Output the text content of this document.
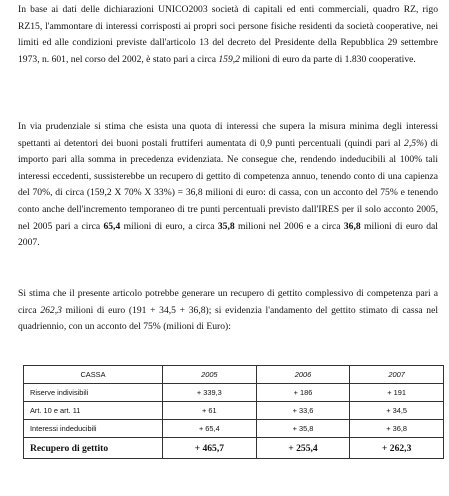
In base ai dati delle dichiarazioni UNICO2003 società di capitali ed enti commerciali, quadro RZ, rigo RZ15, l'ammontare di interessi corrisposti ai propri soci persone fisiche residenti da società cooperative, nei limiti ed alle condizioni previste dall'articolo 13 del decreto del Presidente della Repubblica 29 settembre 1973, n. 601, nel corso del 2002, è stato pari a circa 159,2 milioni di euro da parte di 1.830 cooperative.

In via prudenziale si stima che esista una quota di interessi che supera la misura minima degli interessi spettanti ai detentori dei buoni postali fruttiferi aumentata di 0,9 punti percentuali (quindi pari al 2,5%) di importo pari alla somma in precedenza evidenziata. Ne consegue che, rendendo indeducibili al 100% tali interessi eccedenti, sussisterebbe un recupero di gettito di competenza annuo, tenendo conto di una capienza del 70%, di circa (159,2 X 70% X 33%) = 36,8 milioni di euro: di cassa, con un acconto del 75% e tenendo conto anche dell'incremento temporaneo di tre punti percentuali previsto dall'IRES per il solo acconto 2005, nel 2005 pari a circa 65,4 milioni di euro, a circa 35,8 milioni nel 2006 e a circa 36,8 milioni di euro dal 2007.

Si stima che il presente articolo potrebbe generare un recupero di gettito complessivo di competenza pari a circa 262,3 milioni di euro (191 + 34,5 + 36,8); si evidenzia l'andamento del gettito stimato di cassa nel quadriennio, con un acconto del 75% (milioni di Euro):

CASSA	2005	2006	2007
Riserve indivisibili	+ 339,3	+ 186	+ 191
Art. 10 e art. 11	+ 61	+ 33,6	+ 34,5
Interessi indeducibili	+ 65,4	+ 35,8	+ 36,8
Recupero di gettito	+ 465,7	+ 255,4	+ 262,3
